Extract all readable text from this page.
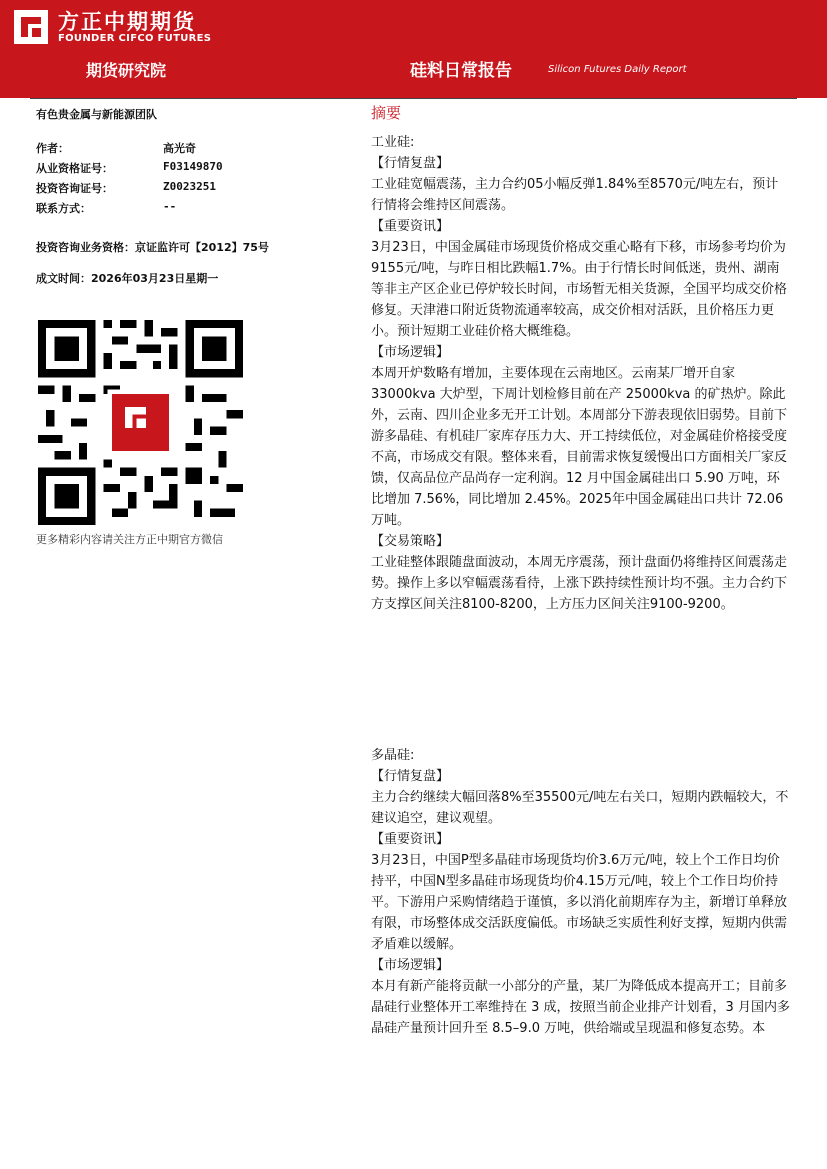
方正中期期货
FOUNDER CIFCO FUTURES
期货研究院	硅料日常报告	Silicon Futures Daily Report
有色贵金属与新能源团队
作者：	高光奇
从业资格证号：	F03149870
投资咨询证号：	Z0023251
联系方式：	--
投资咨询业务资格：京证监许可【2012】75号
成文时间：2026年03月23日星期一
更多精彩内容请关注方正中期官方微信
摘要

工业硅:

【行情复盘】

工业硅宽幅震荡，主力合约05小幅反弹1.84%至8570元/吨左右，预计行情将会维持区间震荡。

【重要资讯】

3月23日，中国金属硅市场现货价格成交重心略有下移，市场参考均价为9155元/吨，与昨日相比跌幅1.7%。由于行情长时间低迷，贵州、湖南等非主产区企业已停炉较长时间，市场暂无相关货源，全国平均成交价格修复。天津港口附近货物流通率较高，成交价相对活跃，且价格压力更小。预计短期工业硅价格大概维稳。

【市场逻辑】

本周开炉数略有增加，主要体现在云南地区。云南某厂增开自家 33000kva 大炉型，下周计划检修目前在产 25000kva 的矿热炉。除此外，云南、四川企业多无开工计划。本周部分下游表现依旧弱势。目前下游多晶硅、有机硅厂家库存压力大、开工持续低位，对金属硅价格接受度不高，市场成交有限。整体来看，目前需求恢复缓慢出口方面相关厂家反馈，仅高品位产品尚存一定利润。12 月中国金属硅出口 5.90 万吨，环比增加 7.56%，同比增加 2.45%。2025年中国金属硅出口共计 72.06 万吨。

【交易策略】

工业硅整体跟随盘面波动，本周无序震荡，预计盘面仍将维持区间震荡走势。操作上多以窄幅震荡看待，上涨下跌持续性预计均不强。主力合约下方支撑区间关注8100-8200，上方压力区间关注9100-9200。

多晶硅:

【行情复盘】

主力合约继续大幅回落8%至35500元/吨左右关口，短期内跌幅较大，不建议追空，建议观望。

【重要资讯】

3月23日，中国P型多晶硅市场现货均价3.6万元/吨，较上个工作日均价持平，中国N型多晶硅市场现货均价4.15万元/吨，较上个工作日均价持平。下游用户采购情绪趋于谨慎，多以消化前期库存为主，新增订单释放有限，市场整体成交活跃度偏低。市场缺乏实质性利好支撑，短期内供需矛盾难以缓解。

【市场逻辑】

本月有新产能将贡献一小部分的产量，某厂为降低成本提高开工；目前多晶硅行业整体开工率维持在 3 成，按照当前企业排产计划看，3 月国内多晶硅产量预计回升至 8.5–9.0 万吨，供给端或呈现温和修复态势。本
